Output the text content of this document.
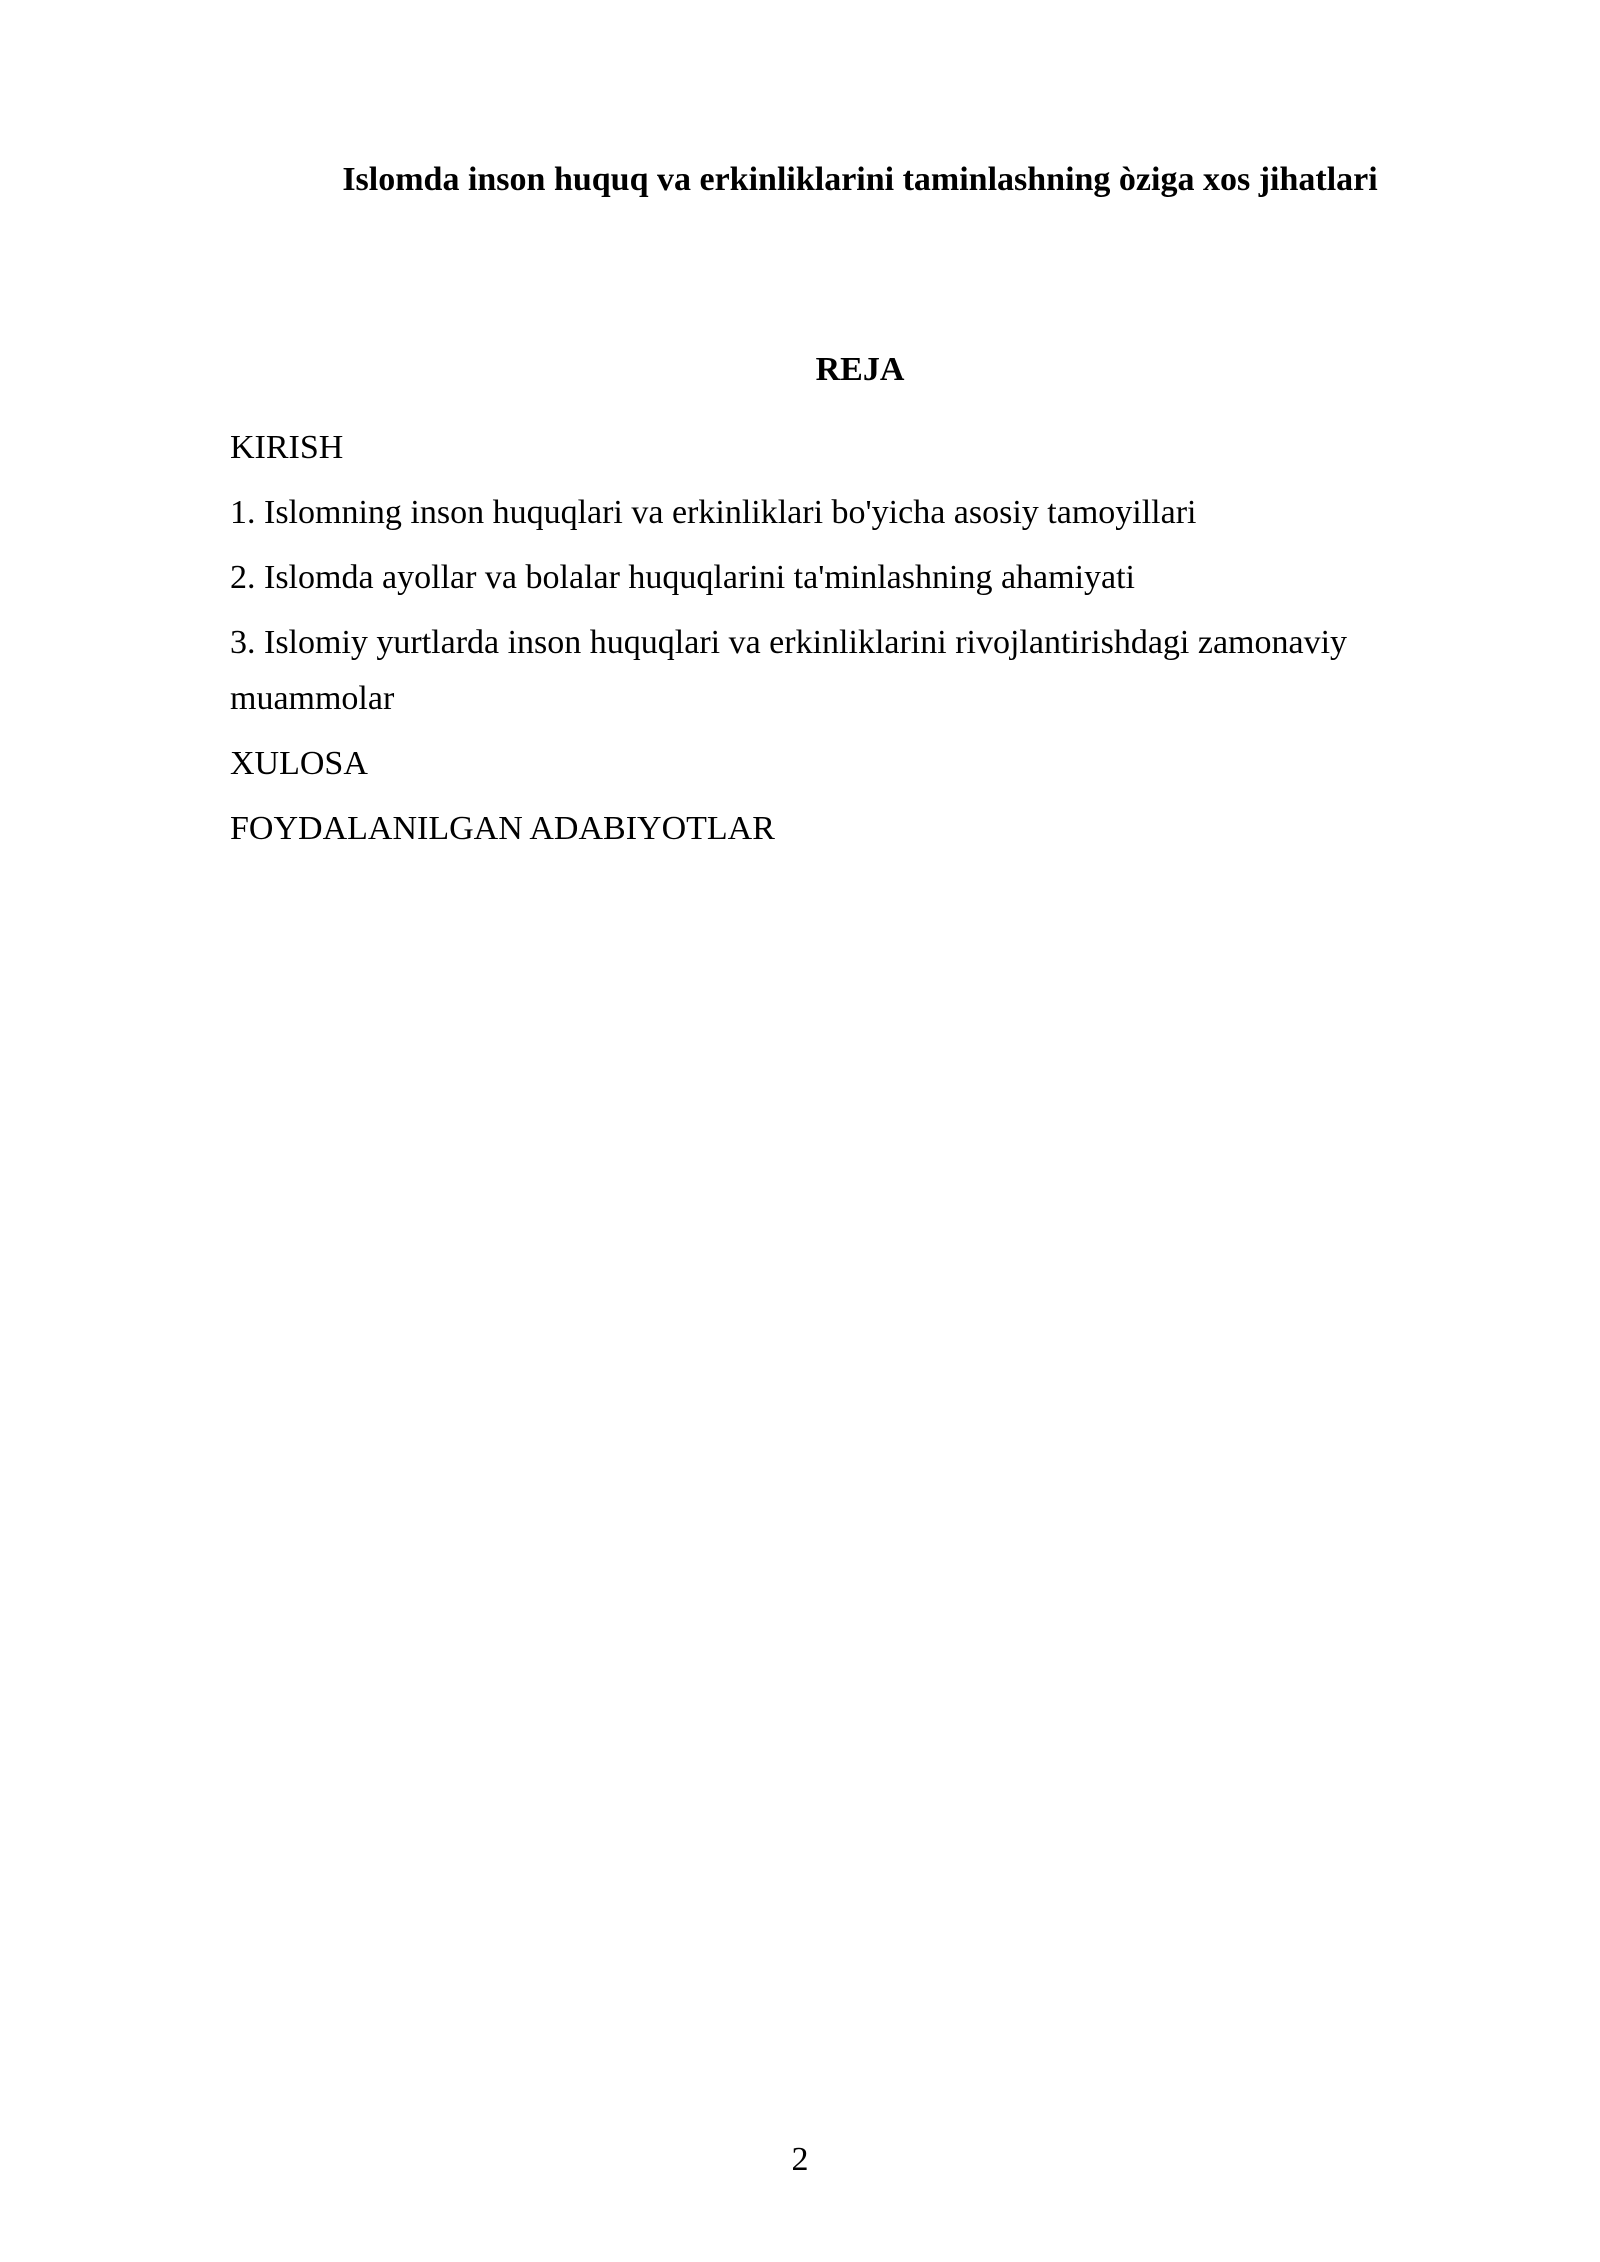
Islomda inson huquq va erkinliklarini taminlashning òziga xos jihatlari
REJA
KIRISH
1. Islomning inson huquqlari va erkinliklari bo'yicha asosiy tamoyillari
2. Islomda ayollar va bolalar huquqlarini ta'minlashning ahamiyati
3. Islomiy yurtlarda inson huquqlari va erkinliklarini rivojlantirishdagi zamonaviy muammolar
XULOSA
FOYDALANILGAN ADABIYOTLAR

2
